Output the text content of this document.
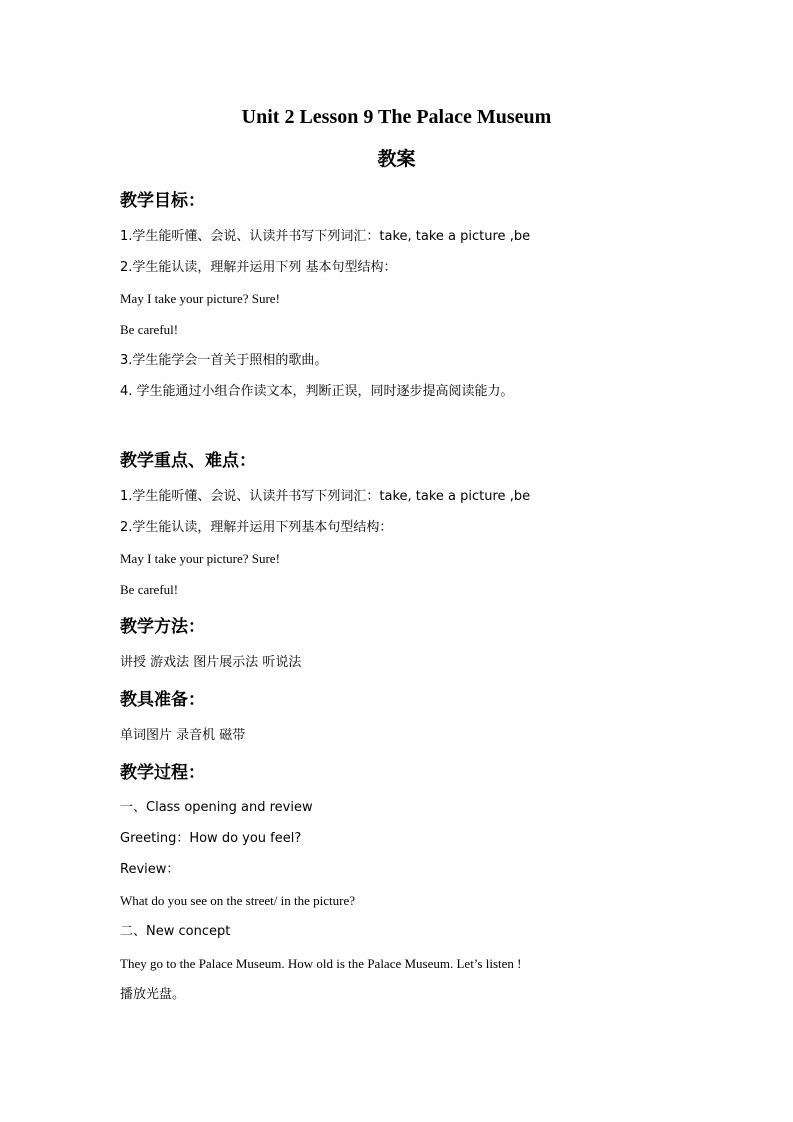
Unit 2 Lesson 9 The Palace Museum
教案
教学目标：
1.学生能听懂、会说、认读并书写下列词汇：take, take a picture ,be
2.学生能认读，理解并运用下列 基本句型结构：
May I take your picture? Sure!
Be careful!
3.学生能学会一首关于照相的歌曲。
4. 学生能通过小组合作读文本，判断正误，同时逐步提高阅读能力。
教学重点、难点：
1.学生能听懂、会说、认读并书写下列词汇：take, take a picture ,be
2.学生能认读，理解并运用下列基本句型结构：
May I take your picture? Sure!
Be careful!
教学方法：
讲授 游戏法 图片展示法 听说法
教具准备：
单词图片 录音机 磁带
教学过程：
一、Class opening and review
Greeting：How do you feel?
Review：
What do you see on the street/ in the picture?
二、New concept
They go to the Palace Museum. How old is the Palace Museum. Let’s listen !
播放光盘。
